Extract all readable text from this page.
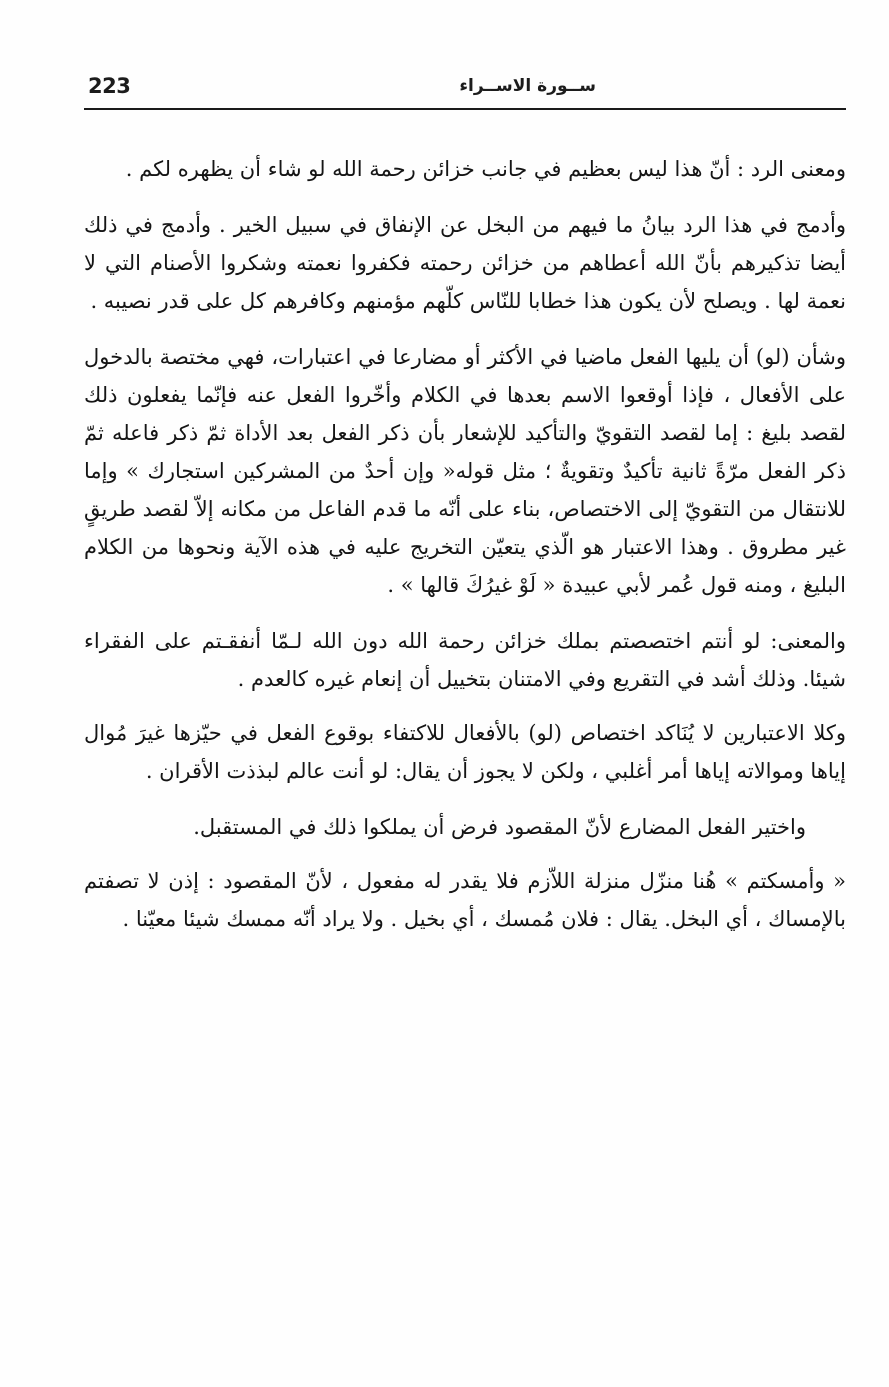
223	ســورة الاســراء

ومعنى الرد : أنّ هذا ليس بعظيم في جانب خزائن رحمة الله لو شاء أن يظهره لكم .

وأدمج في هذا الرد بيانُ ما فيهم من البخل عن الإنفاق في سبيل الخير . وأدمج في ذلك أيضا تذكيرهم بأنّ الله أعطاهم من خزائن رحمته فكفروا نعمته وشكروا الأصنام التي لا نعمة لها . ويصلح لأن يكون هذا خطابا للنّاس كلّهم مؤمنهم وكافرهم كل على قدر نصيبه .

وشأن (لو) أن يليها الفعل ماضيا في الأكثر أو مضارعا في اعتبارات، فهي مختصة بالدخول على الأفعال ، فإذا أوقعوا الاسم بعدها في الكلام وأخّروا الفعل عنه فإنّما يفعلون ذلك لقصد بليغ : إما لقصد التقويّ والتأكيد للإشعار بأن ذكر الفعل بعد الأداة ثمّ ذكر فاعله ثمّ ذكر الفعل مرّةً ثانية تأكيدٌ وتقويةٌ ؛ مثل قوله« وإن أحدٌ من المشركين استجارك » وإما للانتقال من التقويّ إلى الاختصاص، بناء على أنّه ما قدم الفاعل من مكانه إلاّ لقصد طريقٍ غير مطروق . وهذا الاعتبار هو الّذي يتعيّن التخريج عليه في هذه الآية ونحوها من الكلام البليغ ، ومنه قول عُمر لأبي عبيدة « لَوْ غيرُكَ قالها » .

والمعنى: لو أنتم اختصصتم بملك خزائن رحمة الله دون الله لـمّا أنفقـتم على الفقراء شيئا. وذلك أشد في التقريع وفي الامتنان بتخييل أن إنعام غيره كالعدم .

وكلا الاعتبارين لا يُنَاكد اختصاص (لو) بالأفعال للاكتفاء بوقوع الفعل في حيّزها غيرَ مُوال إياها وموالاته إياها أمر أغلبي ، ولكن لا يجوز أن يقال: لو أنت عالم لبذذت الأقران .

واختير الفعل المضارع لأنّ المقصود فرض أن يملكوا ذلك في المستقبل.

« وأمسكتم » هُنا منزّل منزلة اللاّزم فلا يقدر له مفعول ، لأنّ المقصود : إذن لا تصفتم بالإمساك ، أي البخل. يقال : فلان مُمسك ، أي بخيل . ولا يراد أنّه ممسك شيئا معيّنا .
